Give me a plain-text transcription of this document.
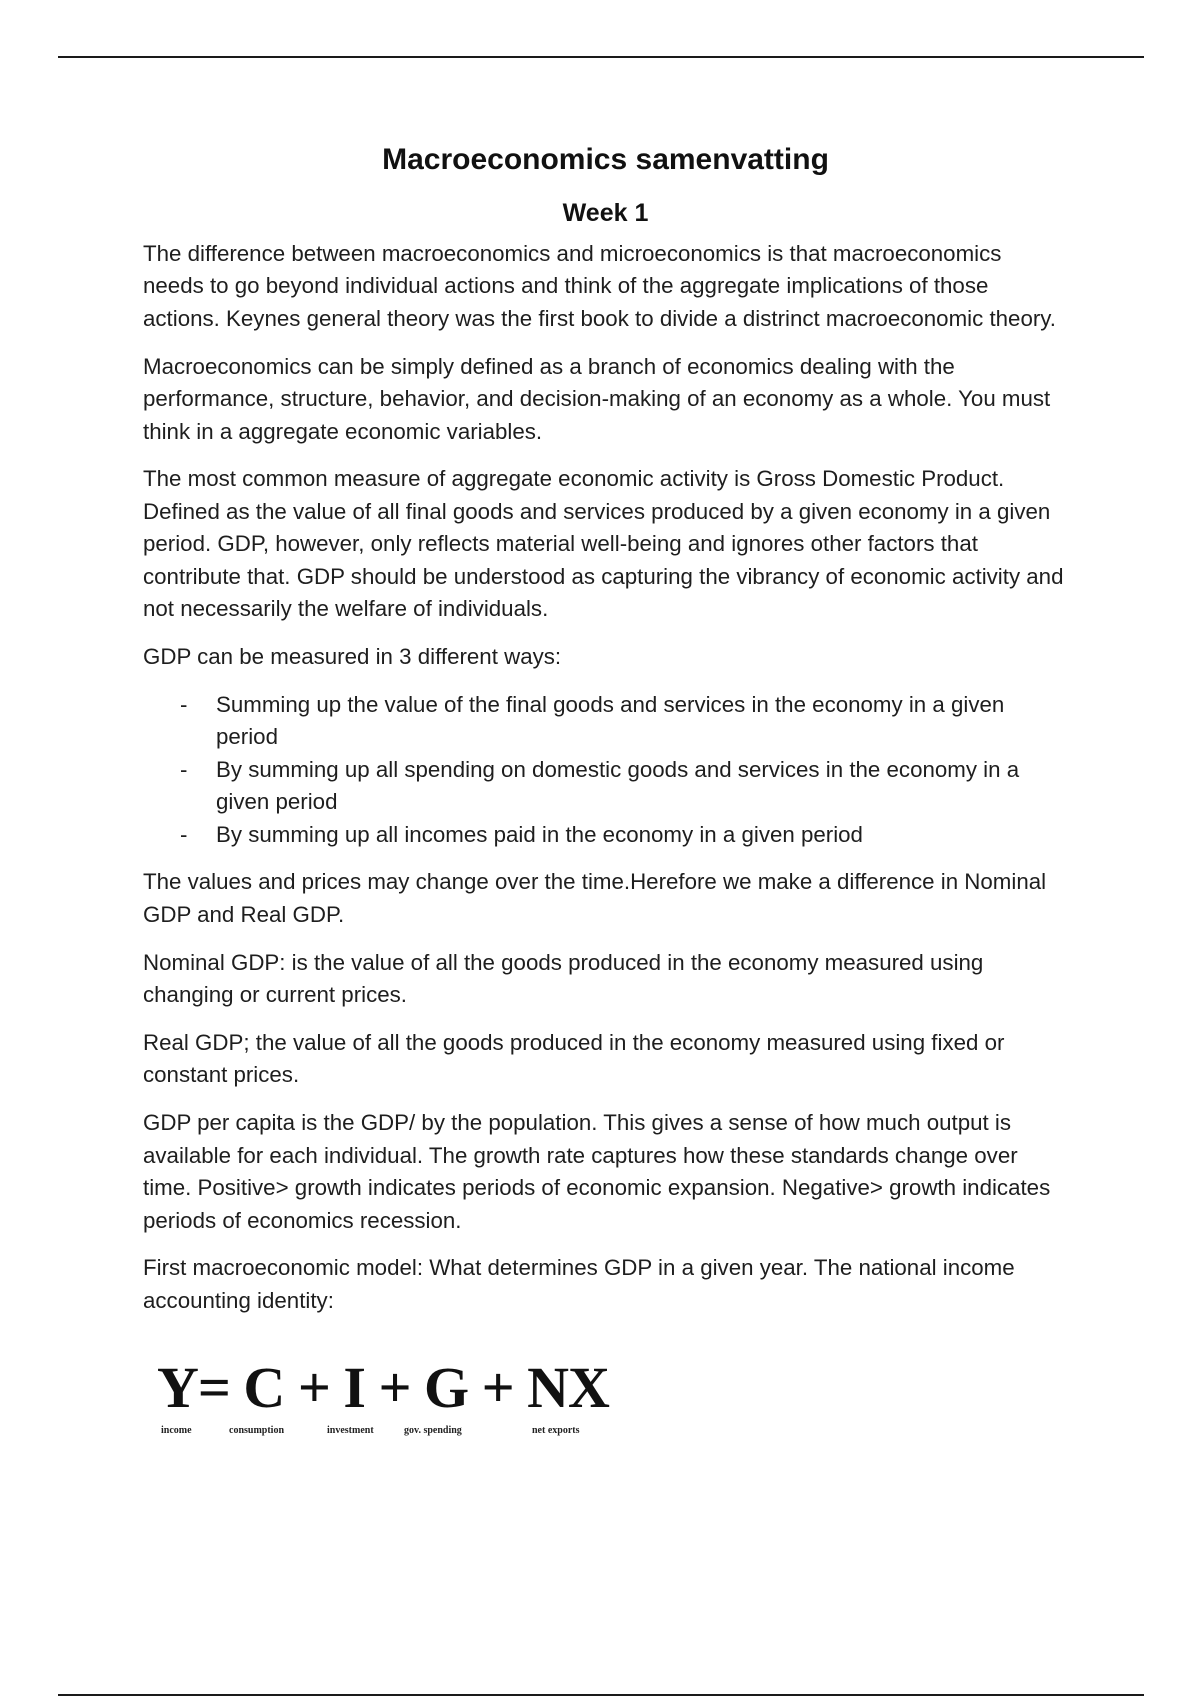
Macroeconomics samenvatting
Week 1

The difference between macroeconomics and microeconomics is that macroeconomics needs to go beyond individual actions and think of the aggregate implications of those actions. Keynes general theory was the first book to divide a distrinct macroeconomic theory.

Macroeconomics can be simply defined as a branch of economics dealing with the performance, structure, behavior, and decision-making of an economy as a whole. You must think in a aggregate economic variables.

The most common measure of aggregate economic activity is Gross Domestic Product. Defined as the value of all final goods and services produced by a given economy in a given period. GDP, however, only reflects material well-being and ignores other factors that contribute that. GDP should be understood as capturing the vibrancy of economic activity and not necessarily the welfare of individuals.

GDP can be measured in 3 different ways:

- Summing up the value of the final goods and services in the economy in a given period
- By summing up all spending on domestic goods and services in the economy in a given period
- By summing up all incomes paid in the economy in a given period

The values and prices may change over the time.Herefore we make a difference in Nominal GDP and Real GDP.

Nominal GDP: is the value of all the goods produced in the economy measured using changing or current prices.

Real GDP; the value of all the goods produced in the economy measured using fixed or constant prices.

GDP per capita is the GDP/ by the population. This gives a sense of how much output is available for each individual. The growth rate captures how these standards change over time. Positive> growth indicates periods of economic expansion. Negative> growth indicates periods of economics recession.

First macroeconomic model: What determines GDP in a given year. The national income accounting identity:

Y= C + I + G + NX
income	consumption	investment	gov. spending	net exports
